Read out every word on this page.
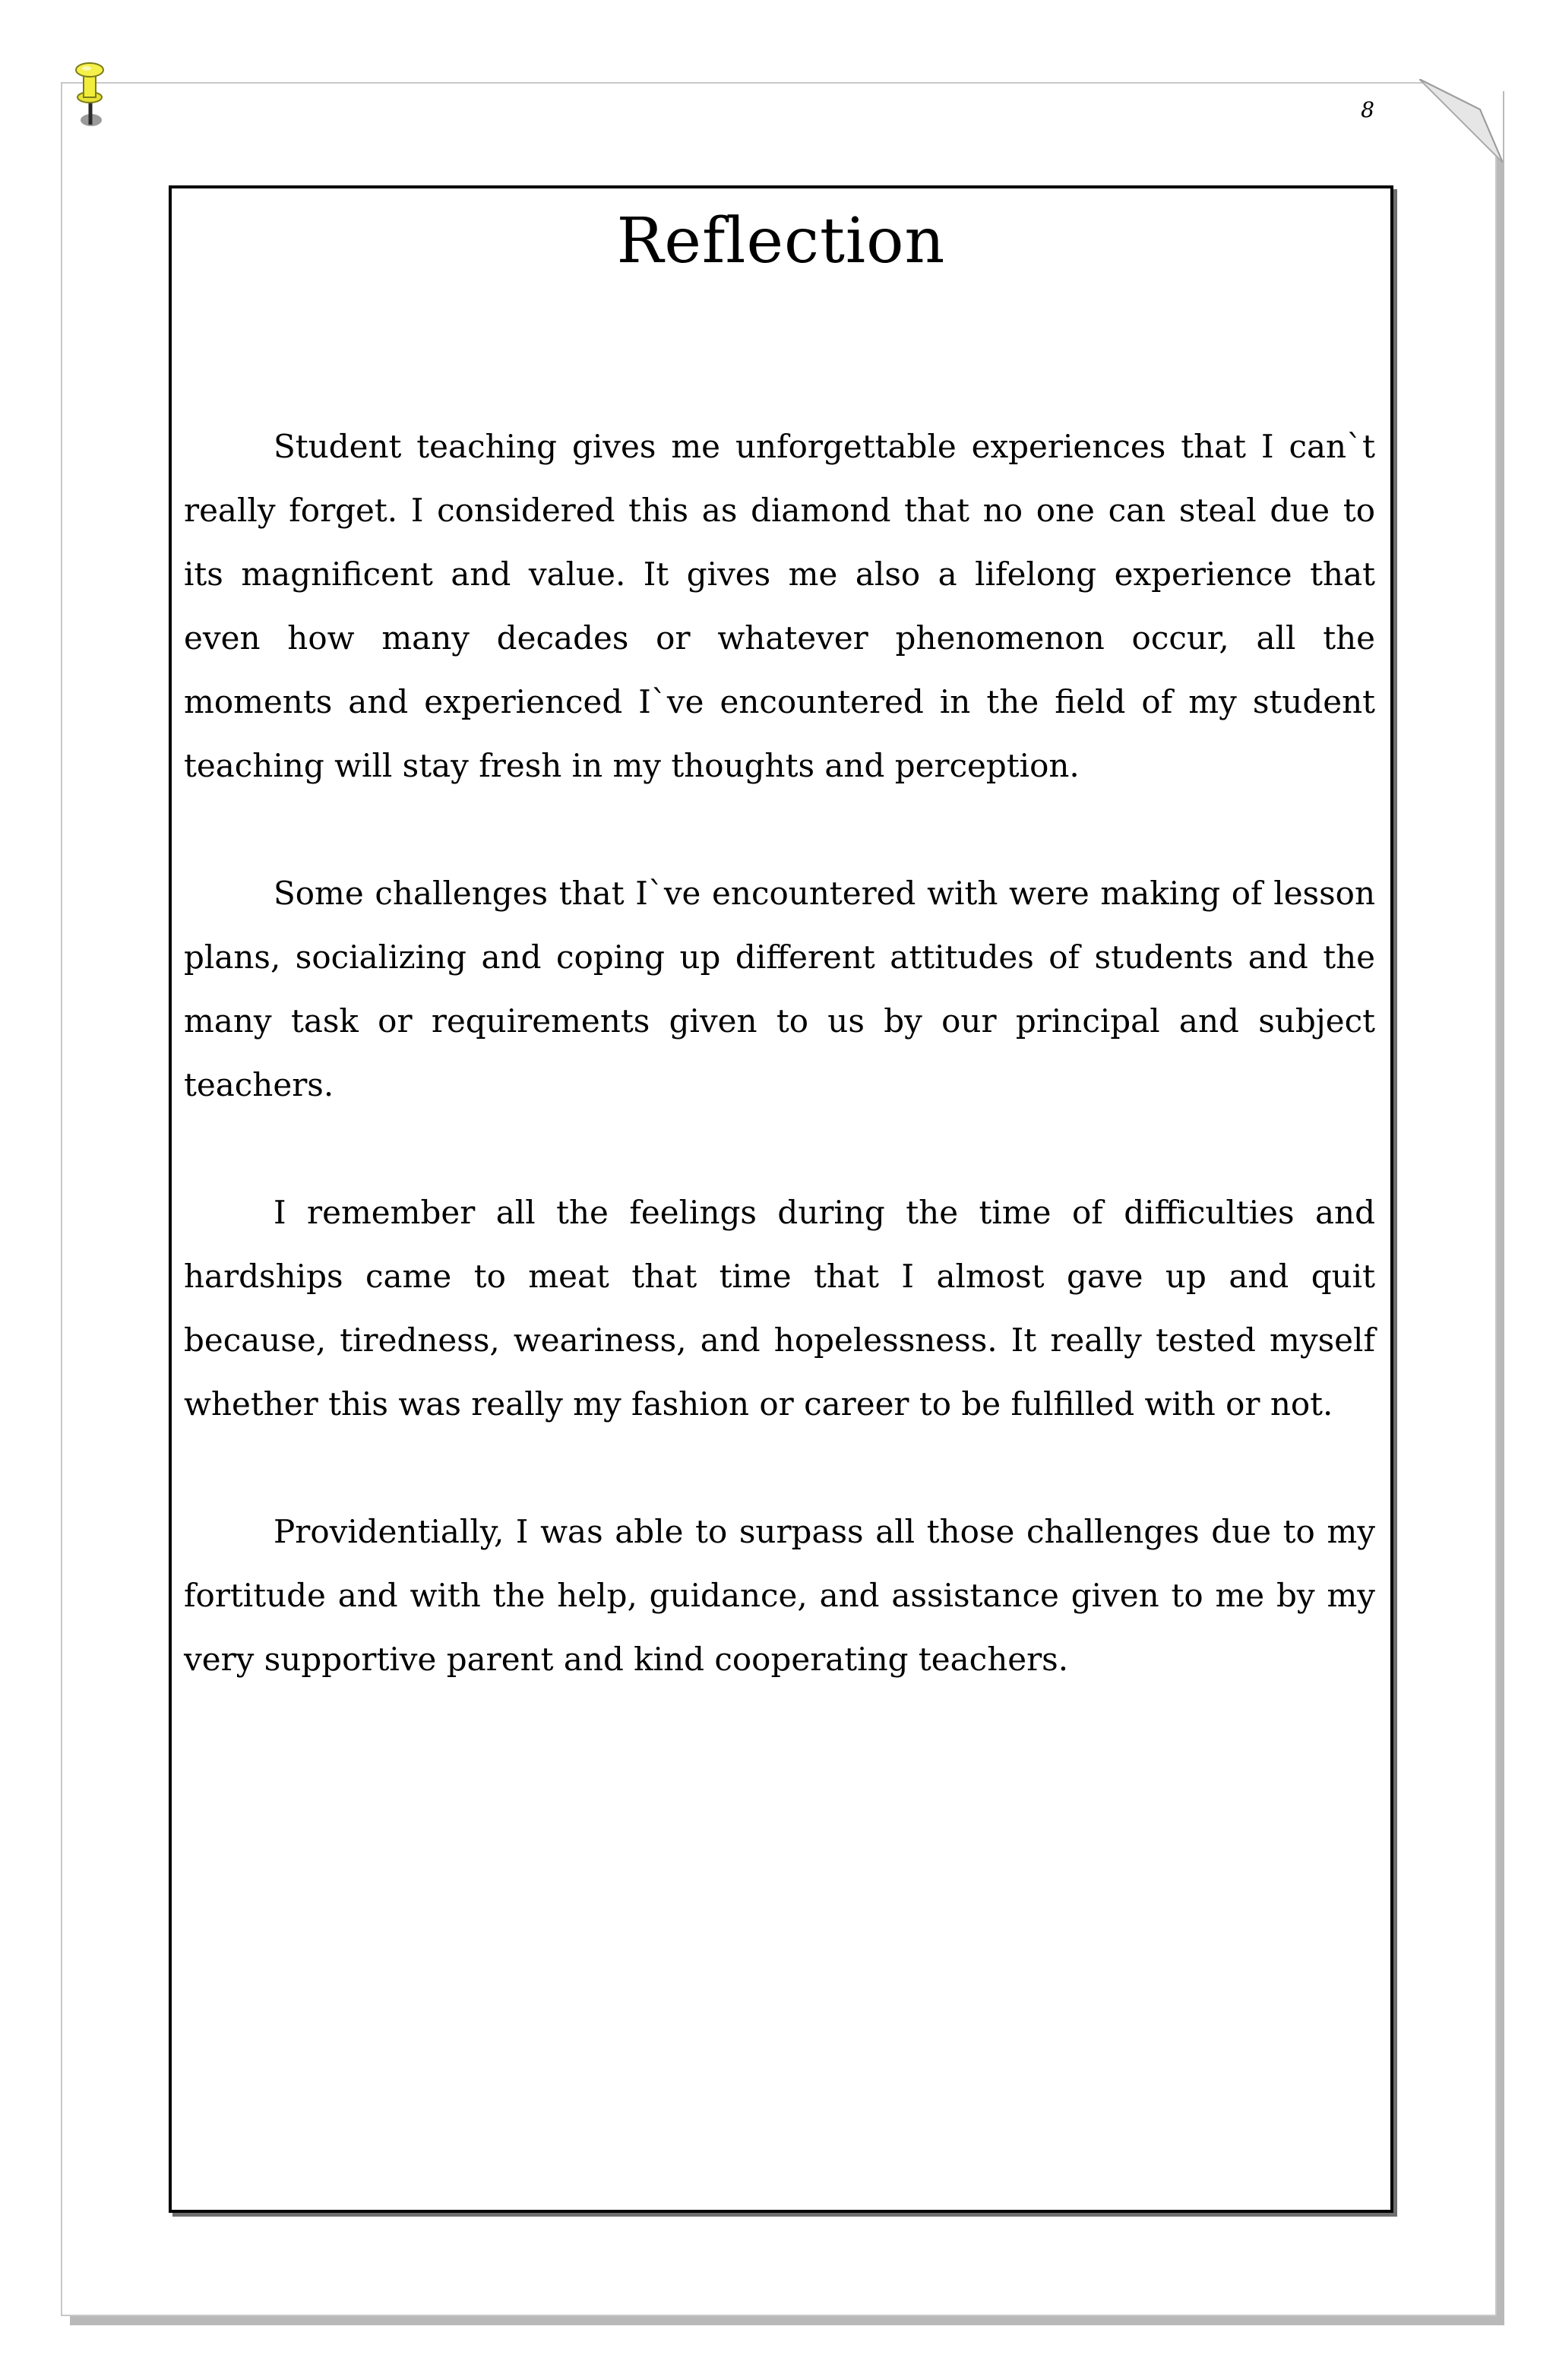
8
Reflection

Student teaching gives me unforgettable experiences that I can`t really forget. I considered this as diamond that no one can steal due to its magnificent and value. It gives me also a lifelong experience that even how many decades or whatever phenomenon occur, all the moments and experienced I`ve encountered in the field of my student teaching will stay fresh in my thoughts and perception.

Some challenges that I`ve encountered with were making of lesson plans, socializing and coping up different attitudes of students and the many task or requirements given to us by our principal and subject teachers.

I remember all the feelings during the time of difficulties and hardships came to meat that time that I almost gave up and quit because, tiredness, weariness, and hopelessness. It really tested myself whether this was really my fashion or career to be fulfilled with or not.

Providentially, I was able to surpass all those challenges due to my fortitude and with the help, guidance, and assistance given to me by my very supportive parent and kind cooperating teachers.
